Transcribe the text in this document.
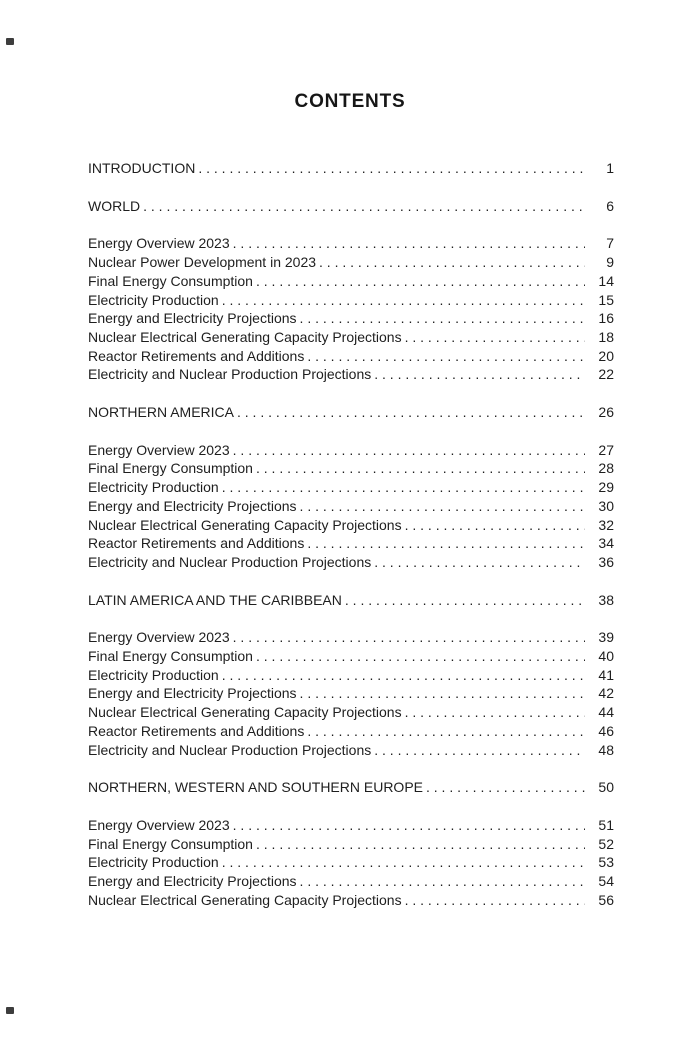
CONTENTS
INTRODUCTION . . .	1
WORLD . . .	6
Energy Overview 2023 . . .	7
Nuclear Power Development in 2023 . . .	9
Final Energy Consumption . . .	14
Electricity Production . . .	15
Energy and Electricity Projections . . .	16
Nuclear Electrical Generating Capacity Projections . . .	18
Reactor Retirements and Additions . . .	20
Electricity and Nuclear Production Projections . . .	22
NORTHERN AMERICA . . .	26
Energy Overview 2023 . . .	27
Final Energy Consumption . . .	28
Electricity Production . . .	29
Energy and Electricity Projections . . .	30
Nuclear Electrical Generating Capacity Projections . . .	32
Reactor Retirements and Additions . . .	34
Electricity and Nuclear Production Projections . . .	36
LATIN AMERICA AND THE CARIBBEAN . . .	38
Energy Overview 2023 . . .	39
Final Energy Consumption . . .	40
Electricity Production . . .	41
Energy and Electricity Projections . . .	42
Nuclear Electrical Generating Capacity Projections . . .	44
Reactor Retirements and Additions . . .	46
Electricity and Nuclear Production Projections . . .	48
NORTHERN, WESTERN AND SOUTHERN EUROPE . . .	50
Energy Overview 2023 . . .	51
Final Energy Consumption . . .	52
Electricity Production . . .	53
Energy and Electricity Projections . . .	54
Nuclear Electrical Generating Capacity Projections . . .	56
